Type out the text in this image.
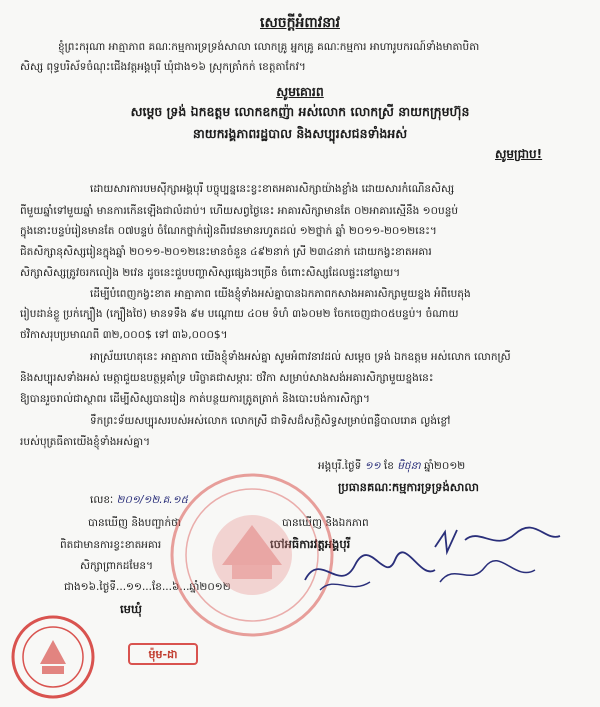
សេចក្តីអំពាវនាវ
ខ្ញុំព្រះករុណា អាត្មាភាព គណៈកម្មការទ្រទ្រង់សាលា លោកគ្រូ អ្នកគ្រូ គណៈកម្មការ អាហារូបករណ៍ទាំងមាតាបិតា
សិស្ស ពុទ្ធបរិស័ទចំណុះជើងវត្តអង្គបុរី ឃុំជាង១៦ ស្រុកត្រាំកក់ ខេត្តតាកែវ។
សូមគោរព
សម្តេច ទ្រង់ ឯកឧត្តម លោកឧកញ៉ា អស់លោក លោកស្រី នាយកក្រុមហ៊ុន
នាយករង្គភាពរដ្ឋបាល និងសប្បុរសជនទាំងអស់
សូមជ្រាប!
ដោយសារការបមស៊ីក្សាអង្គបុរី បច្ចុប្បន្ននេះខ្វះខាតអគារសិក្សាយ៉ាងខ្លាំង ដោយសារកំណើនសិស្ស
ពីមួយឆ្នាំទៅមួយឆ្នាំ មានការកើនឡើងជាលំដាប់។ ហើយសព្វថ្ងៃនេះ អាគារសិក្សាមានតែ ០២អាគារស្មើនឹង ១០បន្ទប់
ក្នុងនោះបន្ទប់រៀនមានតែ ០៧បន្ទប់ ចំណែកថ្នាក់រៀនពីរវេនមានរហូតដល់ ១២ថ្នាក់ ឆ្នាំ ២០១១-២០១២នេះ។
ជិតសិក្សានុសិស្សរៀនក្នុងឆ្នាំ ២០១១-២០១២នេះមានចំនួន ៤៩២នាក់ ស្រី ២៣៤នាក់ ដោយកង្វះខាតអគារ
សិក្សាសិស្សត្រូវចរកលៀង ២វេន ដូចនេះជួបបញ្ហាសិស្សផ្សេងៗច្រើន ចំពោះសិស្សដែលផ្ទះនៅឆ្ងាយ។
ដើម្បីបំពេញកង្វះខាត អាត្មាភាព យើងខ្ញុំទាំងអស់គ្នាបានឯកភាពកសាងអគារសិក្សាមួយខ្នង អំពីបេតុង
រៀបដាន់ខ្លួ ប្រក់ក្បឿង (ក្បឿងថៃ) មានទទឹង ៩ម បណ្តោយ ៤០ម ទំហំ ៣៦០ម២ ចែកចេញជា០៥បន្ទប់។ ចំណាយ
ថវិកាសរុបប្រមាណពី ៣២,០០០$ ទៅ ៣៦,០០០$។
អាស្រ័យហេតុនេះ អាត្មាភាព យើងខ្ញុំទាំងអស់គ្នា សូមអំពាវនាវដល់ សម្តេច ទ្រង់ ឯកឧត្តម អស់លោក លោកស្រី
និងសប្បុរសទាំងអស់ មេត្តាជួយឧបត្ថម្ភគាំទ្រ បរិច្ចាគជាសម្ភារៈ ថវិកា សម្រាប់សាងសង់អគារសិក្សាមួយខ្នងនេះ
ឱ្យបានរួចរាល់ជាស្ថាពរ ដើម្បីសិស្សបានរៀន កាត់បន្ថយការត្រូតត្រាក់ និងបោះបង់ការសិក្សា។
ទឹកព្រះទ័យសប្បុរសរបស់អស់លោក លោកស្រី ជាទិសដ៏សក្តិសិទ្ធសម្រាប់ពន្លឺបាលរោគ ល្ងង់ខ្លៅ
របស់បុត្រធីតាយើងខ្ញុំទាំងអស់គ្នា។
អង្គបុរី.ថ្ងៃទី ១១ ខែ មិថុនា ឆ្នាំ២០១២
ប្រធានគណៈកម្មការទ្រទ្រង់សាលា
លេខៈ ២០១/១២.គ.១៥
បានឃើញ និងបញ្ជាក់ថា	បានឃើញ និងឯកភាព
ពិតជាមានការខ្វះខាតអគារ	ចៅអធិការវត្តអង្គបុរី
សិក្សាព្រាកដមែន។
ជាង១៦.ថ្ងៃទី...១១...ខែ...៦...ឆ្នាំ២០១២
មេឃុំ
ម៉ុម-ដា
